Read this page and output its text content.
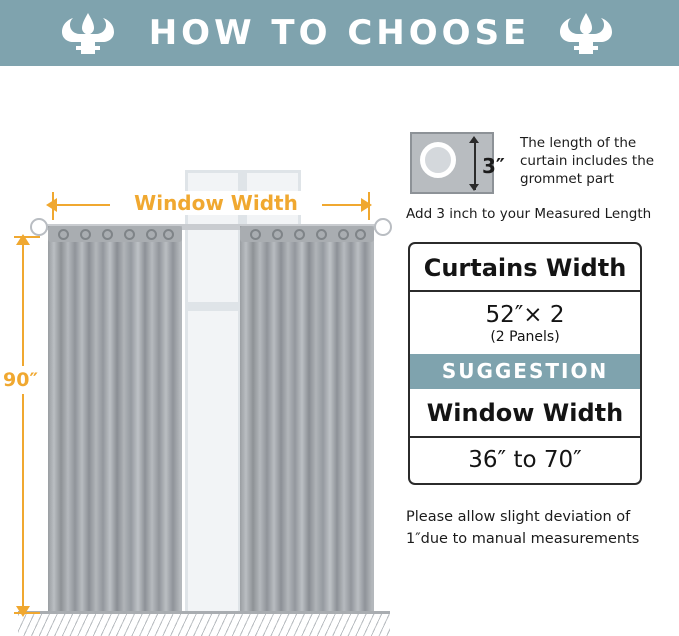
HOW TO CHOOSE
Window Width
90″
3″
The length of the curtain includes the grommet part
Add 3 inch to your Measured Length
Curtains Width
52″× 2
(2 Panels)
SUGGESTION
Window Width
36″ to 70″
Please allow slight deviation of 1″due to manual measurements
